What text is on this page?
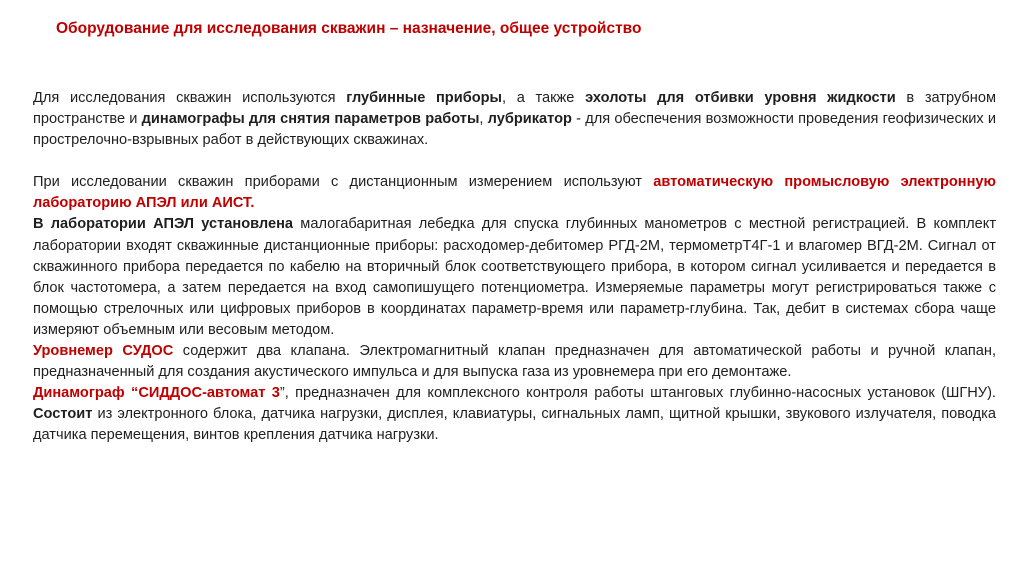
Оборудование для исследования скважин – назначение, общее устройство

Для исследования скважин используются глубинные приборы, а также эхолоты для отбивки уровня жидкости в затрубном пространстве и динамографы для снятия параметров работы, лубрикатор - для обеспечения возможности проведения геофизических и прострелочно-взрывных работ в действующих скважинах.

При исследовании скважин приборами с дистанционным измерением используют автоматическую промысловую электронную лабораторию АПЭЛ или АИСТ.

В лаборатории АПЭЛ установлена малогабаритная лебедка для спуска глубинных манометров с местной регистрацией. В комплект лаборатории входят скважинные дистанционные приборы: расходомер-дебитомер РГД-2М, термометрТ4Г-1 и влагомер ВГД-2М. Сигнал от скважинного прибора передается по кабелю на вторичный блок соответствующего прибора, в котором сигнал усиливается и передается в блок частотомера, а затем передается на вход самопишущего потенциометра. Измеряемые параметры могут регистрироваться также с помощью стрелочных или цифровых приборов в координатах параметр-время или параметр-глубина. Так, дебит в системах сбора чаще измеряют объемным или весовым методом.

Уровнемер СУДОС содержит два клапана. Электромагнитный клапан предназначен для автоматической работы и ручной клапан, предназначенный для создания акустического импульса и для выпуска газа из уровнемера при его демонтаже.

Динамограф “СИДДОС-автомат 3”, предназначен для комплексного контроля работы штанговых глубинно-насосных установок (ШГНУ). Состоит из электронного блока, датчика нагрузки, дисплея, клавиатуры, сигнальных ламп, щитной крышки, звукового излучателя, поводка датчика перемещения, винтов крепления датчика нагрузки.
